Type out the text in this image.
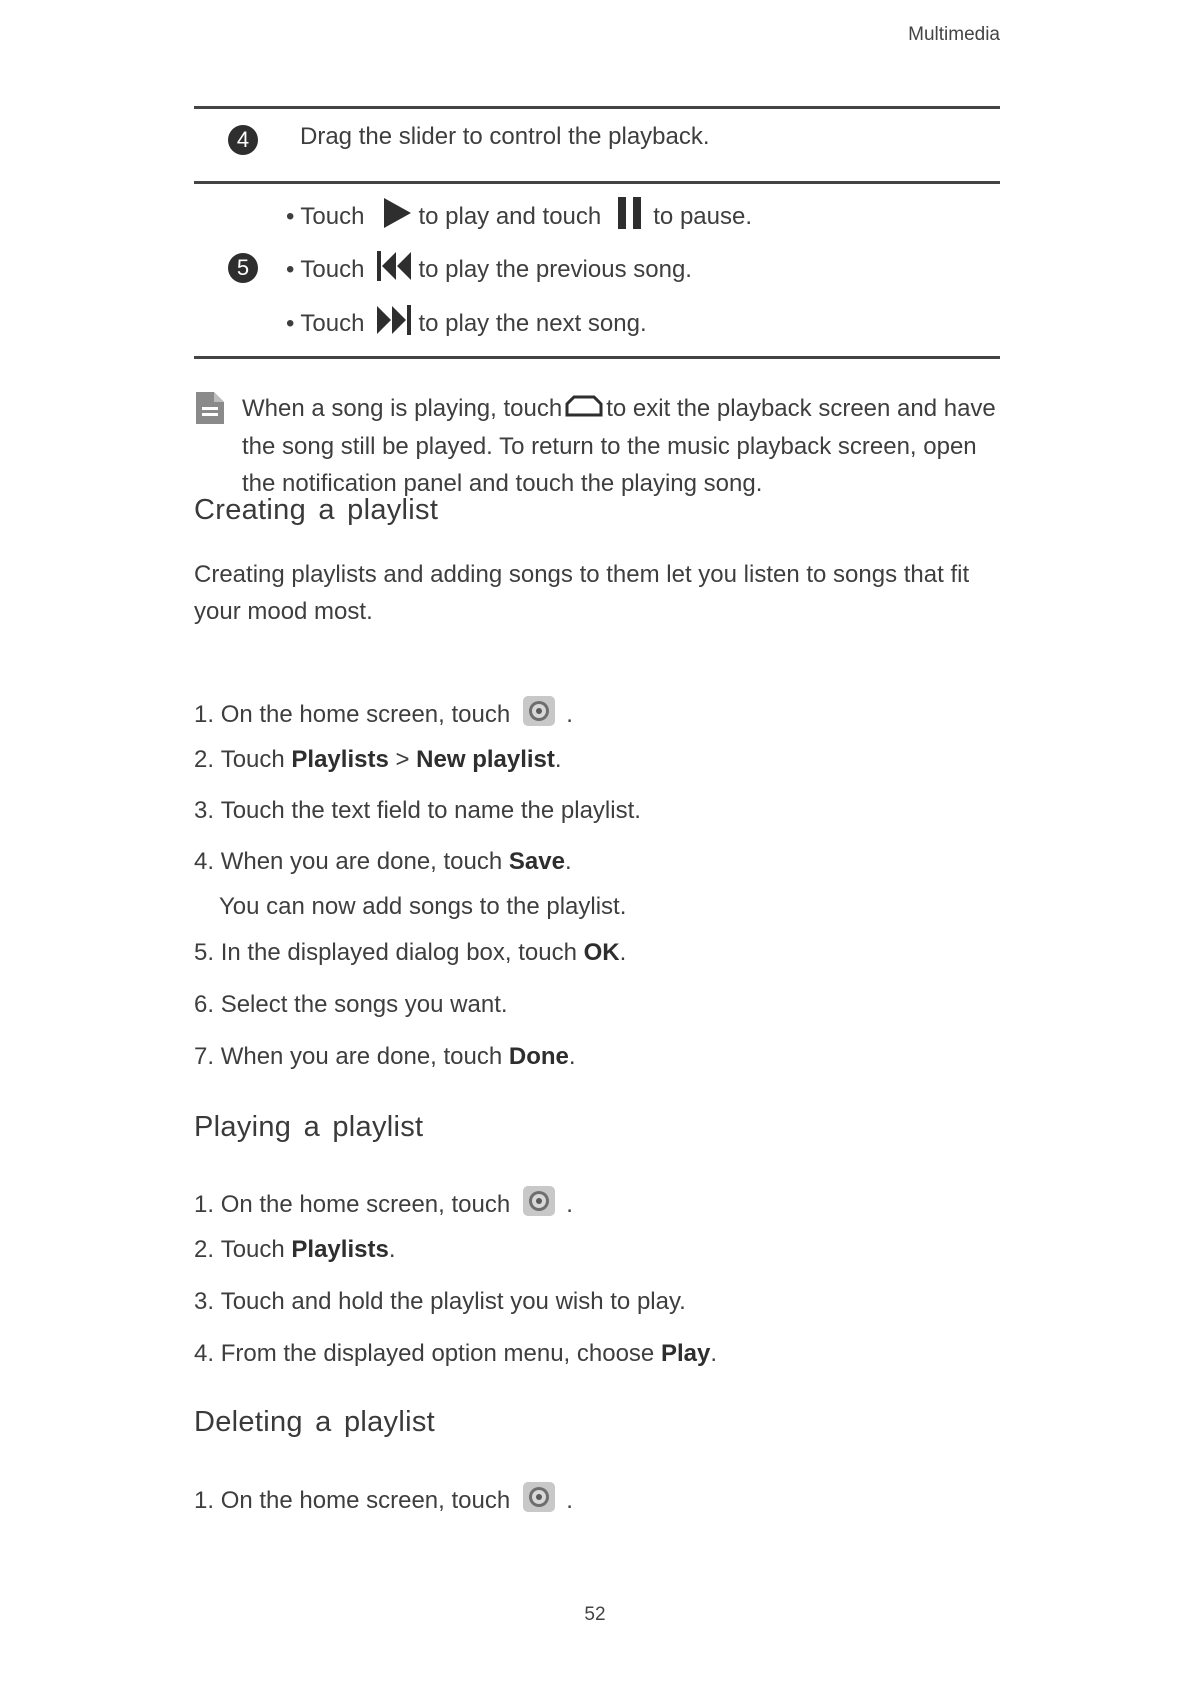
Multimedia
4	Drag the slider to control the playback.
5
• Touch to play and touch to pause.
• Touch to play the previous song.
• Touch to play the next song.
When a song is playing, touch to exit the playback screen and have the song still be played. To return to the music playback screen, open the notification panel and touch the playing song.
Creating a playlist
Creating playlists and adding songs to them let you listen to songs that fit your mood most.
1.
On the home screen, touch .
2.
Touch
Playlists
>
New playlist .
3.
Touch the text field to name the playlist.
4.
When you are done, touch
Save .
You can now add songs to the playlist.
5.
In the displayed dialog box, touch
OK .
6.
Select the songs you want.
7.
When you are done, touch
Done .
Playing a playlist
1.
On the home screen, touch .
2.
Touch
Playlists .
3.
Touch and hold the playlist you wish to play.
4.
From the displayed option menu, choose
Play .
Deleting a playlist
1.
On the home screen, touch .
52
